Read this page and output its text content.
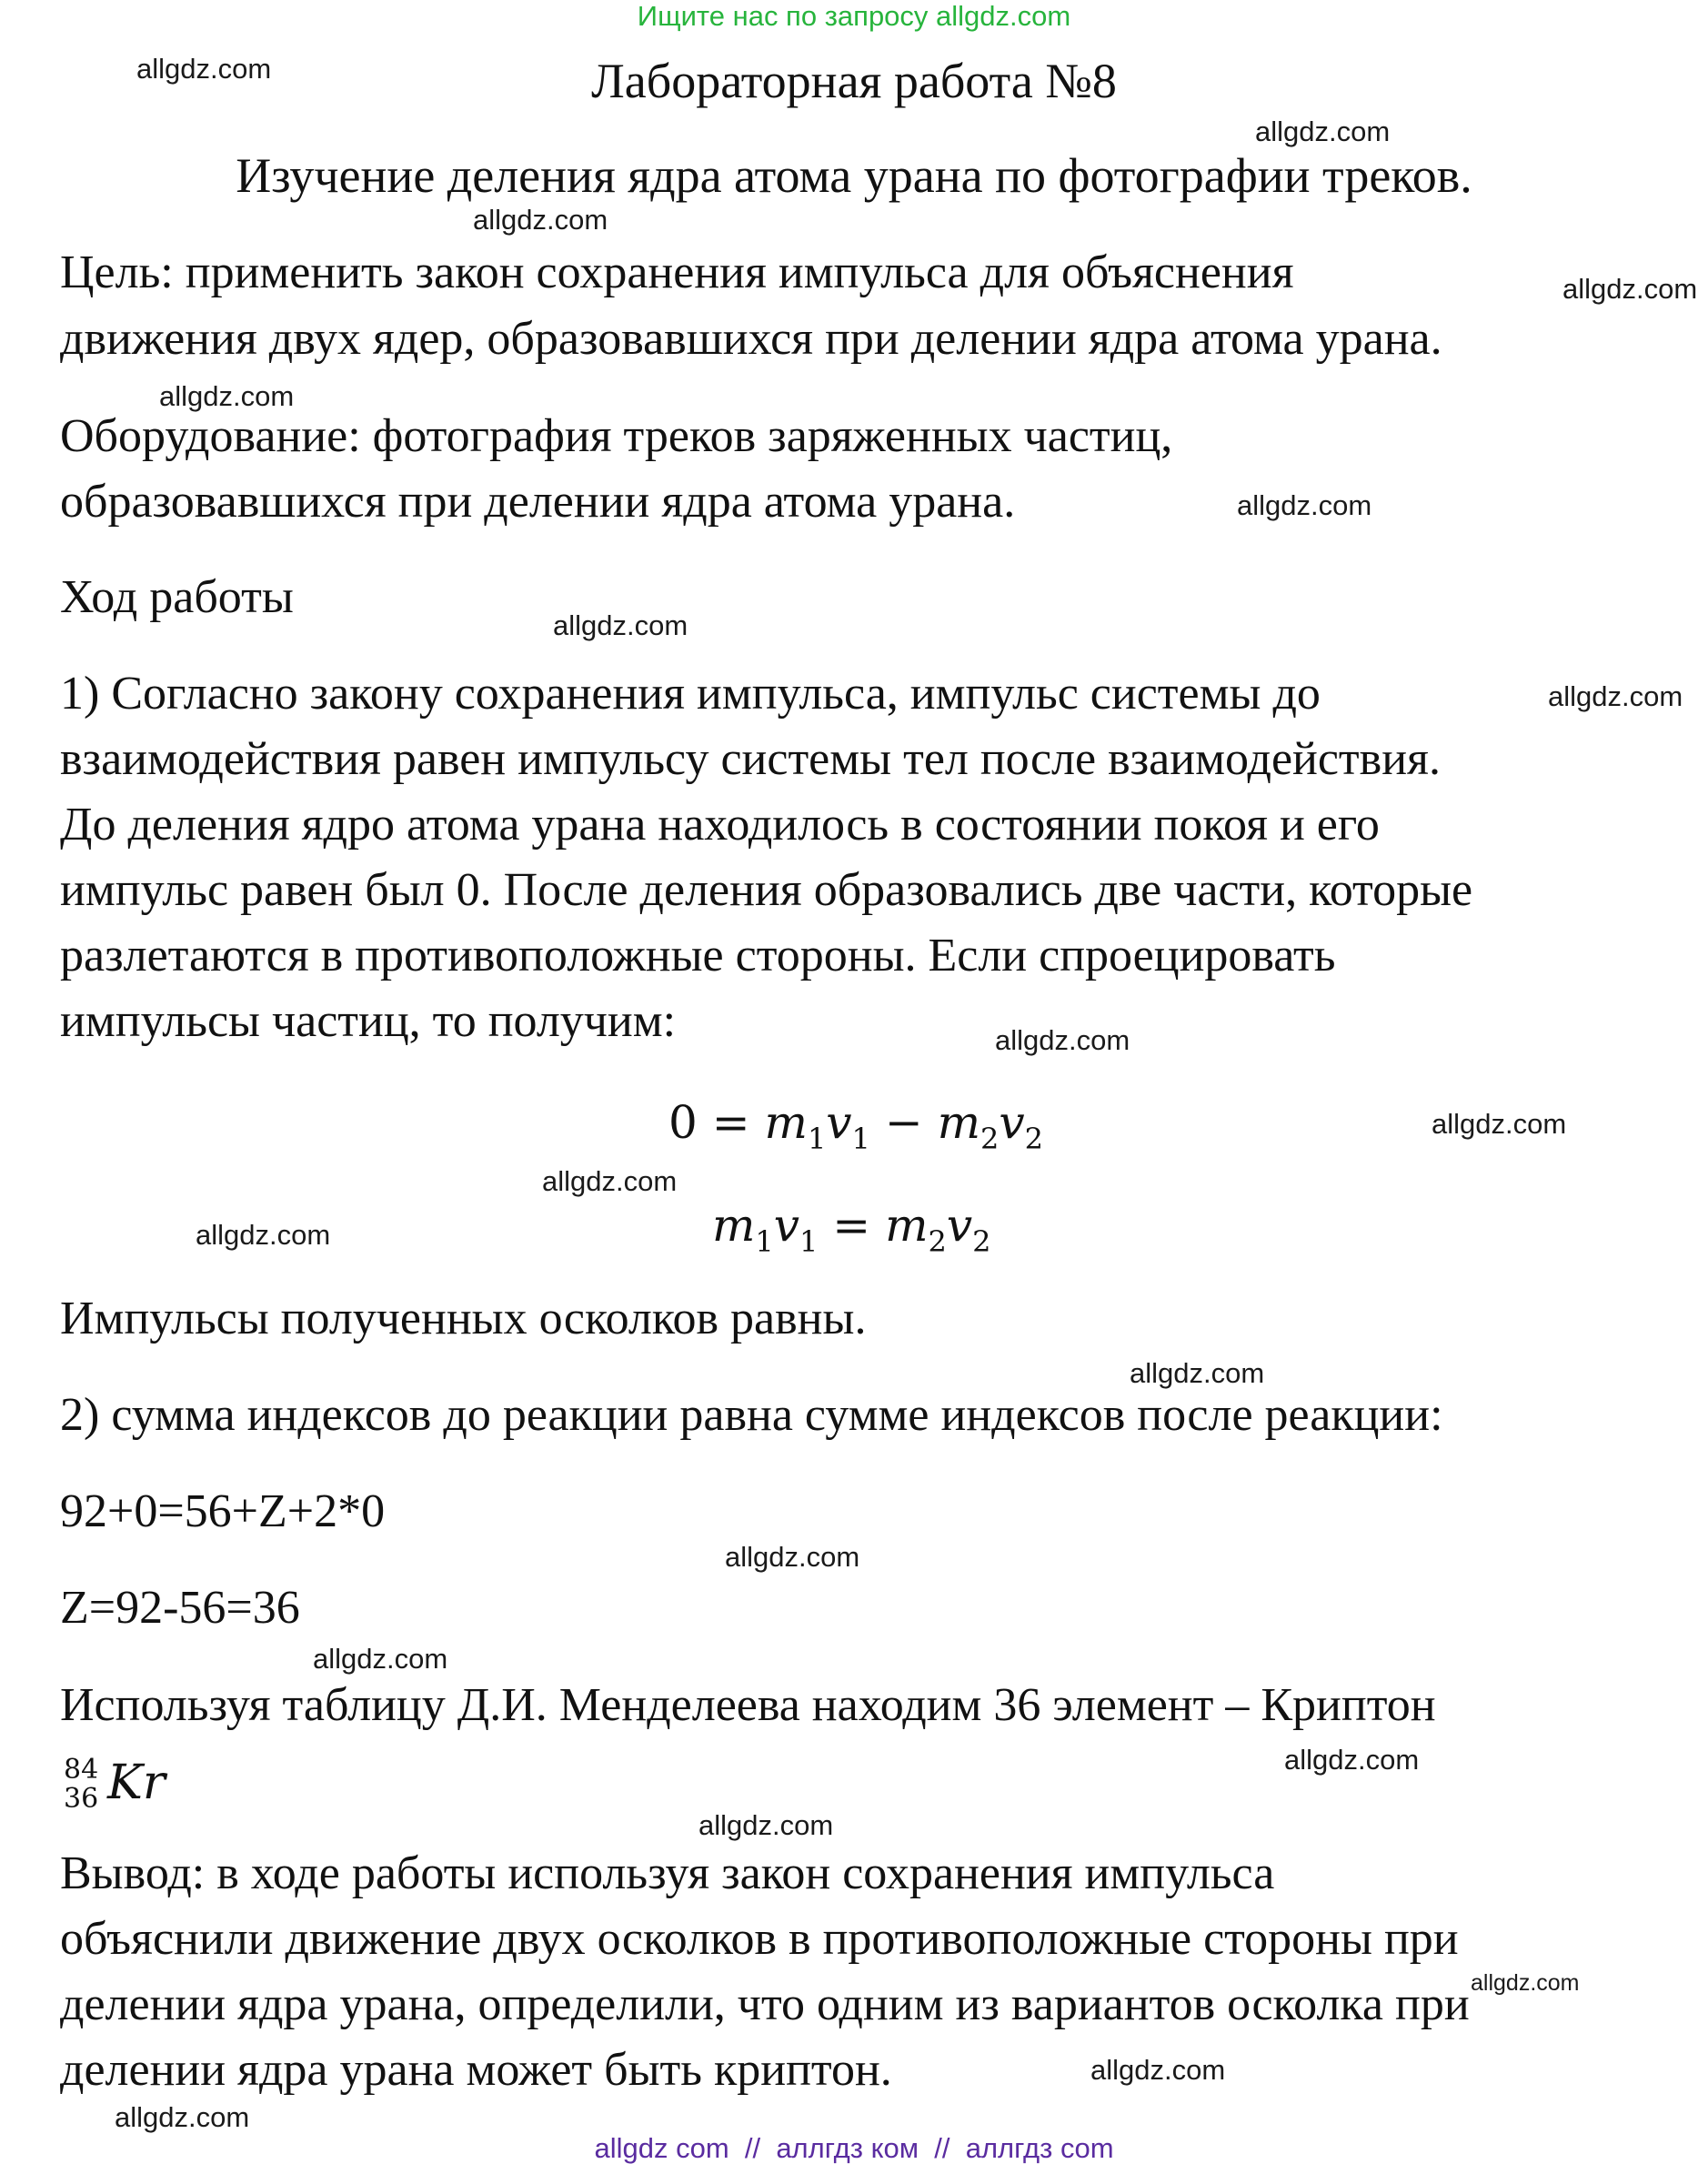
Ищите нас по запросу allgdz.com
Лабораторная работа №8
Изучение деления ядра атома урана по фотографии треков.
Цель: применить закон сохранения импульса для объяснения
движения двух ядер, образовавшихся при делении ядра атома урана.
Оборудование: фотография треков заряженных частиц,
образовавшихся при делении ядра атома урана.
Ход работы
1) Согласно закону сохранения импульса, импульс системы до
взаимодействия равен импульсу системы тел после взаимодействия.
До деления ядро атома урана находилось в состоянии покоя и его
импульс равен был 0. После деления образовались две части, которые
разлетаются в противоположные стороны. Если спроецировать
импульсы частиц, то получим:
$0 = m_1v_1 - m_2v_2$
$m_1v_1 = m_2v_2$
Импульсы полученных осколков равны.
2) сумма индексов до реакции равна сумме индексов после реакции:
92+0=56+Z+2*0
Z=92-56=36
Используя таблицу Д.И. Менделеева находим 36 элемент – Криптон
84
36 Kr
Вывод: в ходе работы используя закон сохранения импульса
объяснили движение двух осколков в противоположные стороны при
делении ядра урана, определили, что одним из вариантов осколка при
делении ядра урана может быть криптон.
allgdz.com
allgdz.com
allgdz.com
allgdz.com
allgdz.com
allgdz.com
allgdz.com
allgdz.com
allgdz.com
allgdz.com
allgdz.com
allgdz.com
allgdz.com
allgdz.com
allgdz.com
allgdz.com
allgdz.com
allgdz.com
allgdz.com
allgdz.com
allgdz com  //  аллгдз ком  //  аллгдз com
